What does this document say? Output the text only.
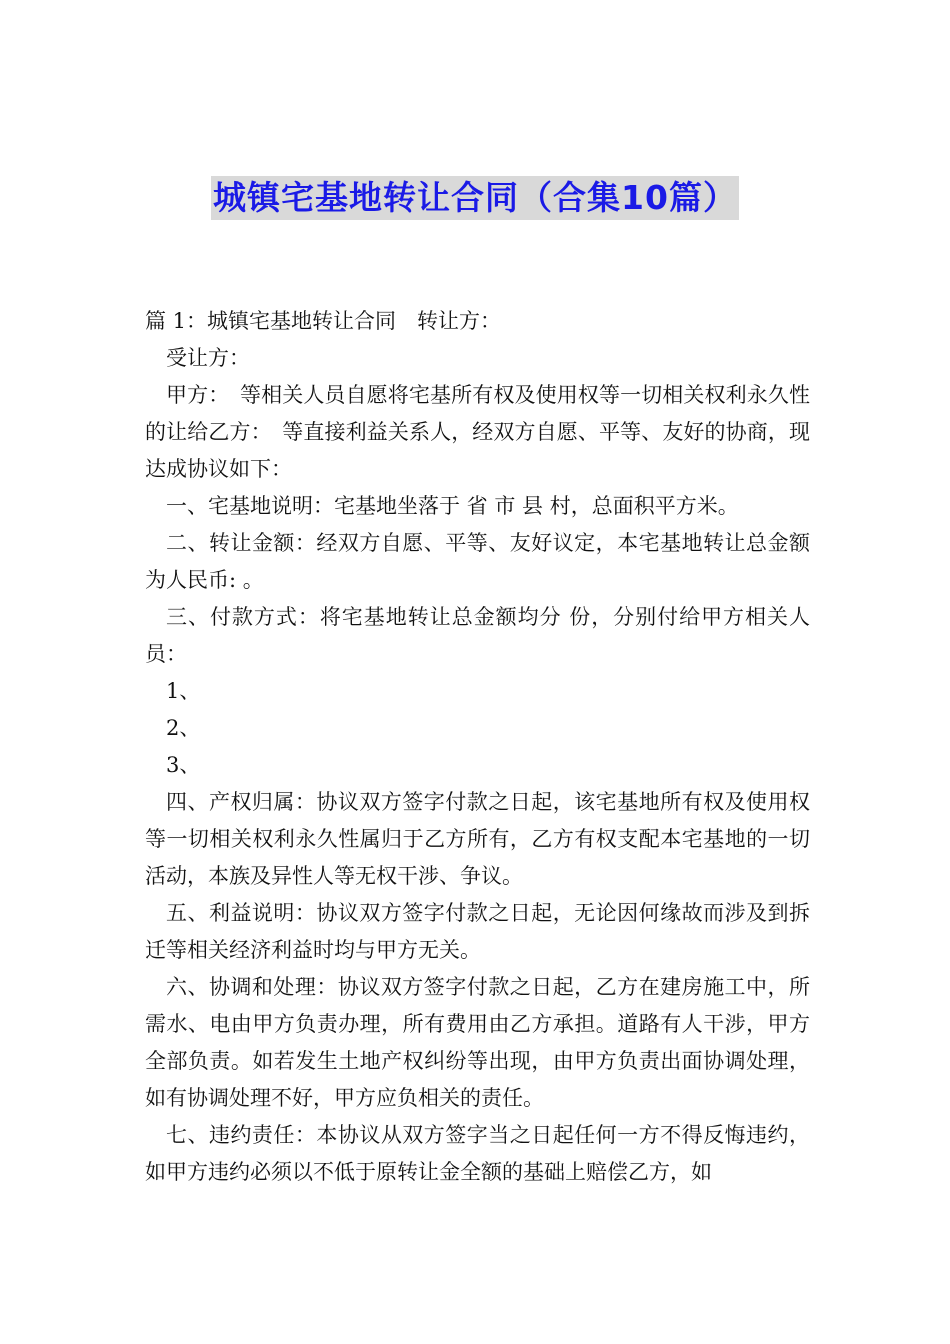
城镇宅基地转让合同（合集10篇）

篇 1：城镇宅基地转让合同　转让方：

受让方：

甲方：　等相关人员自愿将宅基所有权及使用权等一切相关权利永久性的让给乙方：　等直接利益关系人，经双方自愿、平等、友好的协商，现达成协议如下：

一、宅基地说明：宅基地坐落于 省 市 县 村，总面积平方米。

二、转让金额：经双方自愿、平等、友好议定，本宅基地转让总金额为人民币: 。

三、付款方式：将宅基地转让总金额均分 份，分别付给甲方相关人员：

1、

2、

3、

四、产权归属：协议双方签字付款之日起，该宅基地所有权及使用权等一切相关权利永久性属归于乙方所有，乙方有权支配本宅基地的一切活动，本族及异性人等无权干涉、争议。

五、利益说明：协议双方签字付款之日起，无论因何缘故而涉及到拆迁等相关经济利益时均与甲方无关。

六、协调和处理：协议双方签字付款之日起，乙方在建房施工中，所需水、电由甲方负责办理，所有费用由乙方承担。道路有人干涉，甲方全部负责。如若发生土地产权纠纷等出现，由甲方负责出面协调处理，如有协调处理不好，甲方应负相关的责任。

七、违约责任：本协议从双方签字当之日起任何一方不得反悔违约，如甲方违约必须以不低于原转让金全额的基础上赔偿乙方，如
